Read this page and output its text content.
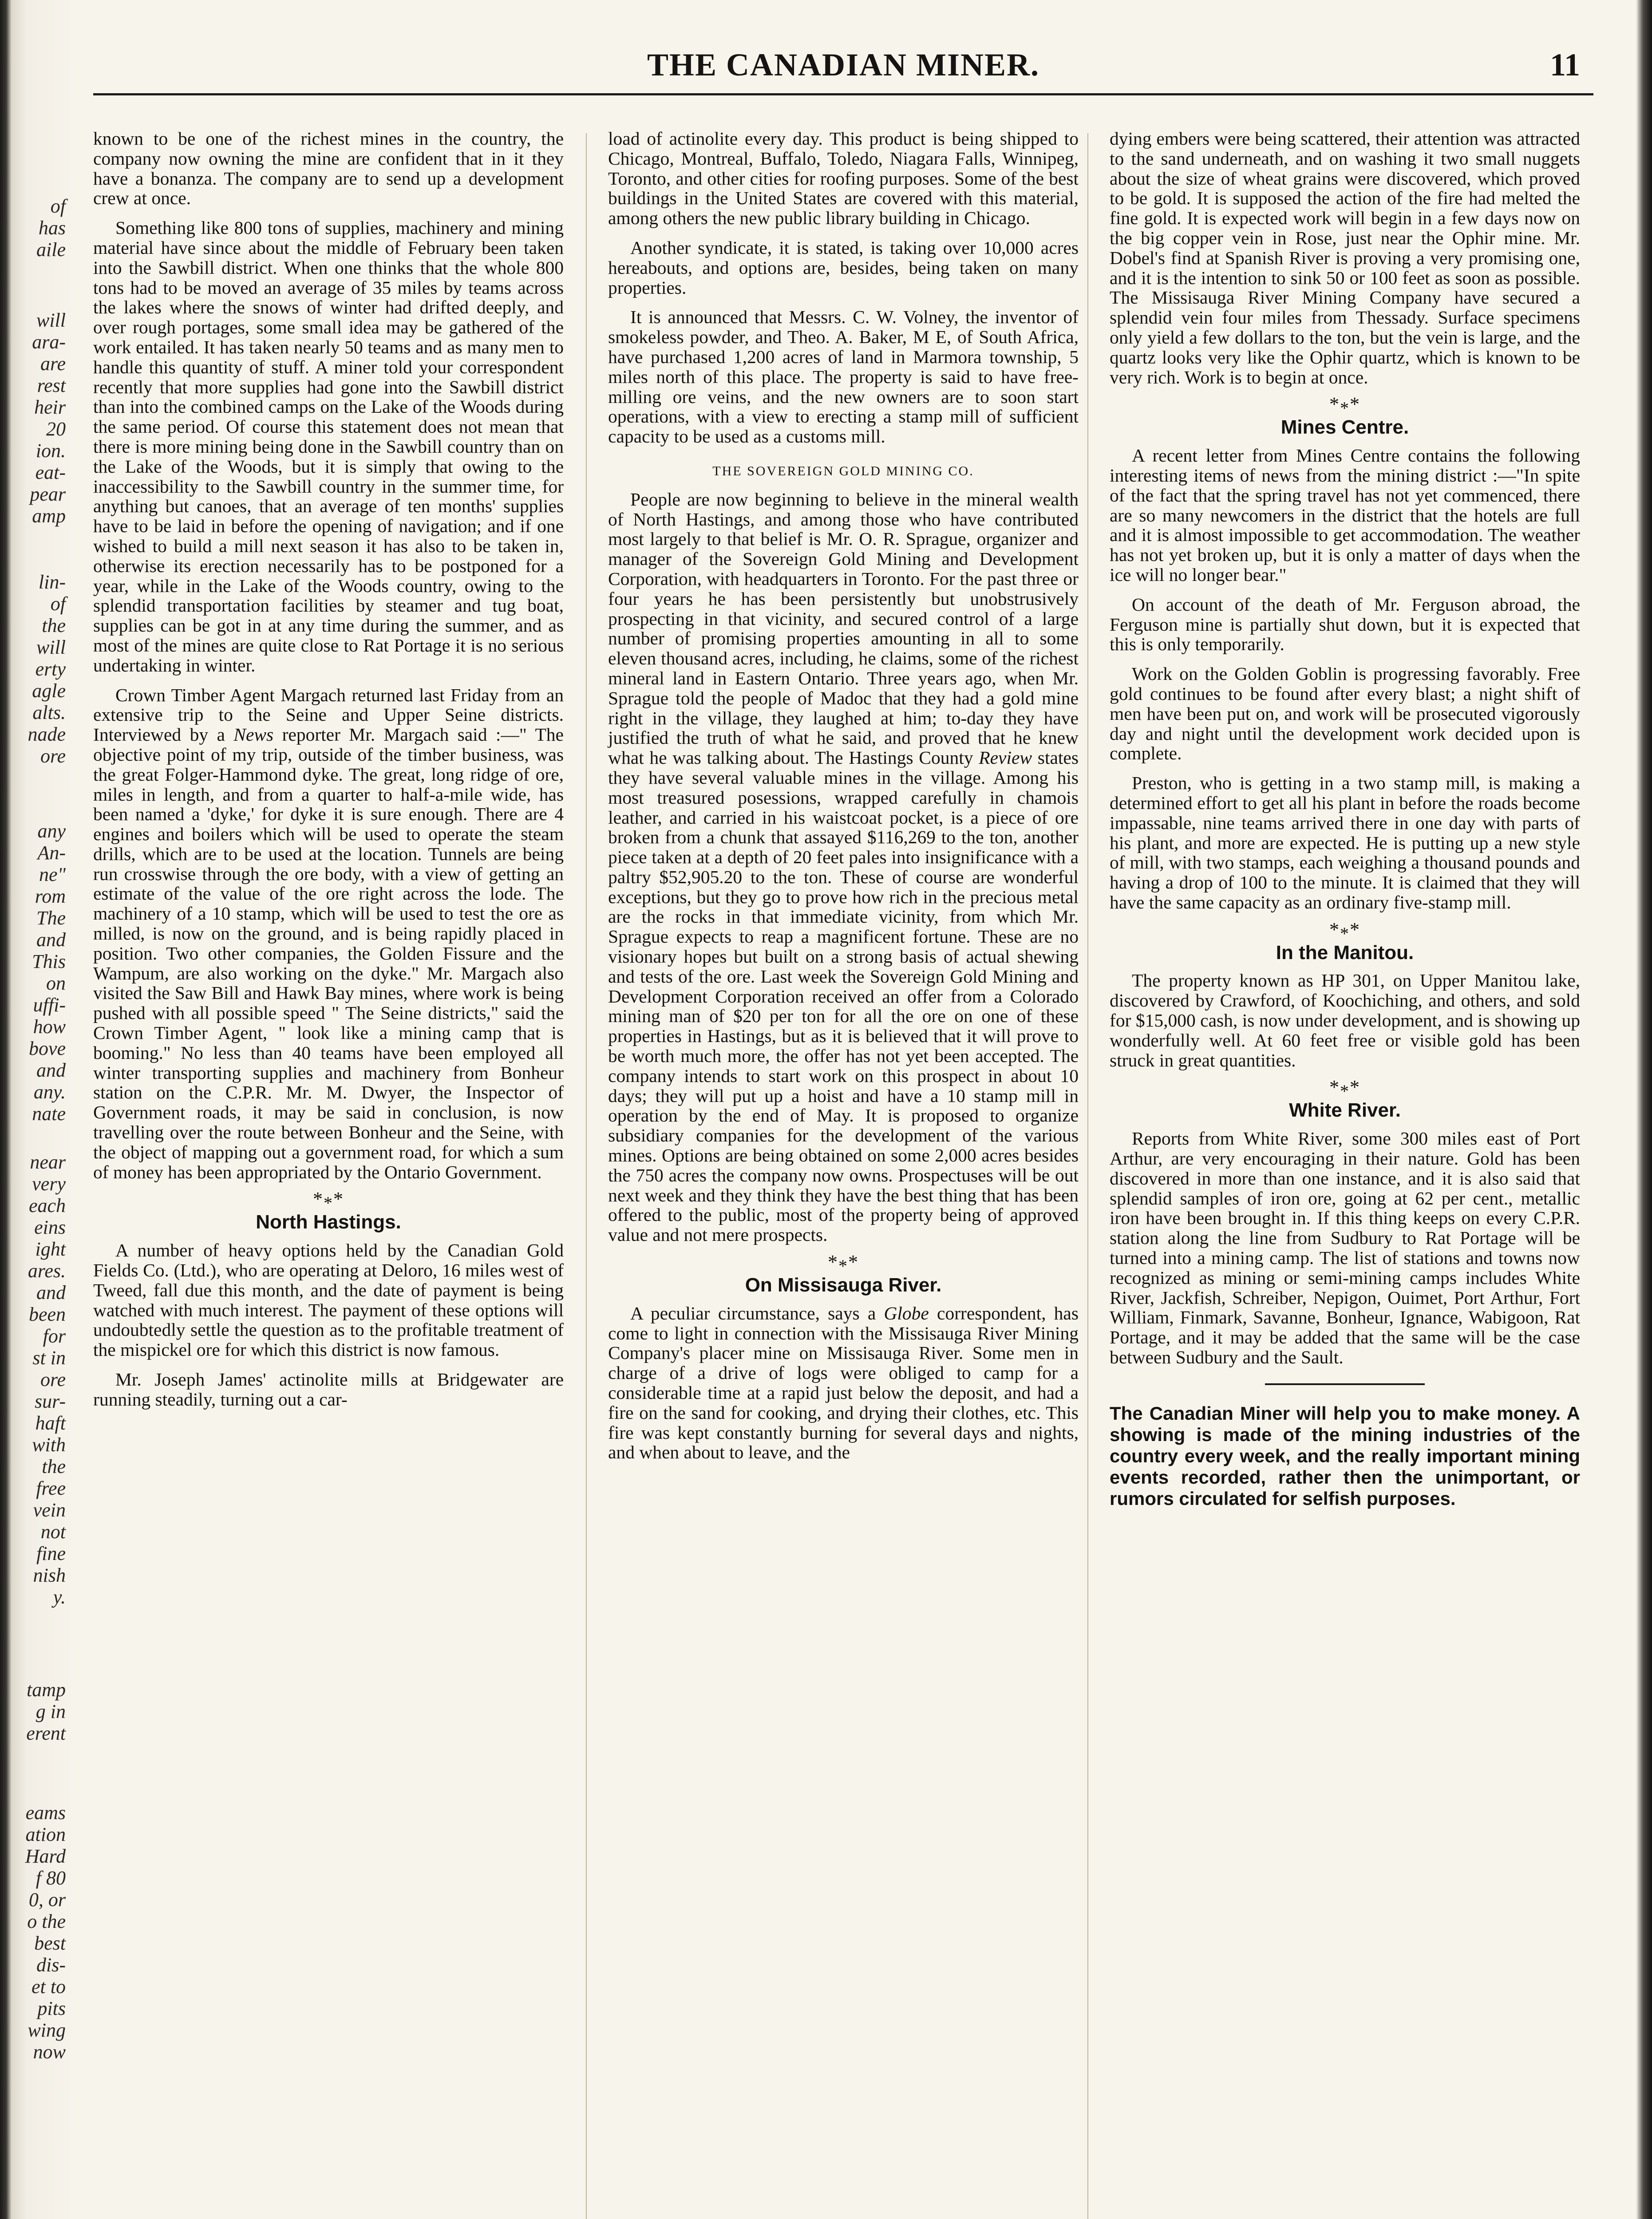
of
has
aile
will
ara-
are
rest
heir
20
ion.
eat-
pear
amp
lin-
of
the
will
erty
agle
alts.
nade
ore
any
An-
ne"
rom
The
and
This
on
uffi-
how
bove
and
any.
nate
near
very
each
eins
ight
ares.
and
been
for
st in
ore
sur-
haft
with
the
free
vein
not
fine
nish
y.
tamp
g in
erent
eams
ation
Hard
f 80
0, or
o the
best
dis-
et to
pits
wing
now
THE CANADIAN MINER.	11

known to be one of the richest mines in the country, the company now owning the mine are confident that in it they have a bonanza. The company are to send up a development crew at once.

Something like 800 tons of supplies, machinery and mining material have since about the middle of February been taken into the Sawbill district. When one thinks that the whole 800 tons had to be moved an average of 35 miles by teams across the lakes where the snows of winter had drifted deeply, and over rough portages, some small idea may be gathered of the work entailed. It has taken nearly 50 teams and as many men to handle this quantity of stuff. A miner told your correspondent recently that more supplies had gone into the Sawbill district than into the combined camps on the Lake of the Woods during the same period. Of course this statement does not mean that there is more mining being done in the Sawbill country than on the Lake of the Woods, but it is simply that owing to the inaccessibility to the Sawbill country in the summer time, for anything but canoes, that an average of ten months' supplies have to be laid in before the opening of navigation; and if one wished to build a mill next season it has also to be taken in, otherwise its erection necessarily has to be postponed for a year, while in the Lake of the Woods country, owing to the splendid transportation facilities by steamer and tug boat, supplies can be got in at any time during the summer, and as most of the mines are quite close to Rat Portage it is no serious undertaking in winter.

Crown Timber Agent Margach returned last Friday from an extensive trip to the Seine and Upper Seine districts. Interviewed by a News reporter Mr. Margach said :—" The objective point of my trip, outside of the timber business, was the great Folger-Hammond dyke. The great, long ridge of ore, miles in length, and from a quarter to half-a-mile wide, has been named a 'dyke,' for dyke it is sure enough. There are 4 engines and boilers which will be used to operate the steam drills, which are to be used at the location. Tunnels are being run crosswise through the ore body, with a view of getting an estimate of the value of the ore right across the lode. The machinery of a 10 stamp, which will be used to test the ore as milled, is now on the ground, and is being rapidly placed in position. Two other companies, the Golden Fissure and the Wampum, are also working on the dyke." Mr. Margach also visited the Saw Bill and Hawk Bay mines, where work is being pushed with all possible speed " The Seine districts," said the Crown Timber Agent, " look like a mining camp that is booming." No less than 40 teams have been employed all winter transporting supplies and machinery from Bonheur station on the C.P.R. Mr. M. Dwyer, the Inspector of Government roads, it may be said in conclusion, is now travelling over the route between Bonheur and the Seine, with the object of mapping out a government road, for which a sum of money has been appropriated by the Ontario Government.

$*_**$
North Hastings.

A number of heavy options held by the Canadian Gold Fields Co. (Ltd.), who are operating at Deloro, 16 miles west of Tweed, fall due this month, and the date of payment is being watched with much interest. The payment of these options will undoubtedly settle the question as to the profitable treatment of the mispickel ore for which this district is now famous.

Mr. Joseph James' actinolite mills at Bridgewater are running steadily, turning out a car-

load of actinolite every day. This product is being shipped to Chicago, Montreal, Buffalo, Toledo, Niagara Falls, Winnipeg, Toronto, and other cities for roofing purposes. Some of the best buildings in the United States are covered with this material, among others the new public library building in Chicago.

Another syndicate, it is stated, is taking over 10,000 acres hereabouts, and options are, besides, being taken on many properties.

It is announced that Messrs. C. W. Volney, the inventor of smokeless powder, and Theo. A. Baker, M E, of South Africa, have purchased 1,200 acres of land in Marmora township, 5 miles north of this place. The property is said to have free-milling ore veins, and the new owners are to soon start operations, with a view to erecting a stamp mill of sufficient capacity to be used as a customs mill.

THE SOVEREIGN GOLD MINING CO.

People are now beginning to believe in the mineral wealth of North Hastings, and among those who have contributed most largely to that belief is Mr. O. R. Sprague, organizer and manager of the Sovereign Gold Mining and Development Corporation, with headquarters in Toronto. For the past three or four years he has been persistently but unobstrusively prospecting in that vicinity, and secured control of a large number of promising properties amounting in all to some eleven thousand acres, including, he claims, some of the richest mineral land in Eastern Ontario. Three years ago, when Mr. Sprague told the people of Madoc that they had a gold mine right in the village, they laughed at him; to-day they have justified the truth of what he said, and proved that he knew what he was talking about. The Hastings County Review states they have several valuable mines in the village. Among his most treasured posessions, wrapped carefully in chamois leather, and carried in his waistcoat pocket, is a piece of ore broken from a chunk that assayed $116,269 to the ton, another piece taken at a depth of 20 feet pales into insignificance with a paltry $52,905.20 to the ton. These of course are wonderful exceptions, but they go to prove how rich in the precious metal are the rocks in that immediate vicinity, from which Mr. Sprague expects to reap a magnificent fortune. These are no visionary hopes but built on a strong basis of actual shewing and tests of the ore. Last week the Sovereign Gold Mining and Development Corporation received an offer from a Colorado mining man of $20 per ton for all the ore on one of these properties in Hastings, but as it is believed that it will prove to be worth much more, the offer has not yet been accepted. The company intends to start work on this prospect in about 10 days; they will put up a hoist and have a 10 stamp mill in operation by the end of May. It is proposed to organize subsidiary companies for the development of the various mines. Options are being obtained on some 2,000 acres besides the 750 acres the company now owns. Prospectuses will be out next week and they think they have the best thing that has been offered to the public, most of the property being of approved value and not mere prospects.

$*_**$
On Missisauga River.

A peculiar circumstance, says a Globe correspondent, has come to light in connection with the Missisauga River Mining Company's placer mine on Missisauga River. Some men in charge of a drive of logs were obliged to camp for a considerable time at a rapid just below the deposit, and had a fire on the sand for cooking, and drying their clothes, etc. This fire was kept constantly burning for several days and nights, and when about to leave, and the

dying embers were being scattered, their attention was attracted to the sand underneath, and on washing it two small nuggets about the size of wheat grains were discovered, which proved to be gold. It is supposed the action of the fire had melted the fine gold. It is expected work will begin in a few days now on the big copper vein in Rose, just near the Ophir mine. Mr. Dobel's find at Spanish River is proving a very promising one, and it is the intention to sink 50 or 100 feet as soon as possible. The Missisauga River Mining Company have secured a splendid vein four miles from Thessady. Surface specimens only yield a few dollars to the ton, but the vein is large, and the quartz looks very like the Ophir quartz, which is known to be very rich. Work is to begin at once.

$*_**$
Mines Centre.

A recent letter from Mines Centre contains the following interesting items of news from the mining district :—"In spite of the fact that the spring travel has not yet commenced, there are so many newcomers in the district that the hotels are full and it is almost impossible to get accommodation. The weather has not yet broken up, but it is only a matter of days when the ice will no longer bear."

On account of the death of Mr. Ferguson abroad, the Ferguson mine is partially shut down, but it is expected that this is only temporarily.

Work on the Golden Goblin is progressing favorably. Free gold continues to be found after every blast; a night shift of men have been put on, and work will be prosecuted vigorously day and night until the development work decided upon is complete.

Preston, who is getting in a two stamp mill, is making a determined effort to get all his plant in before the roads become impassable, nine teams arrived there in one day with parts of his plant, and more are expected. He is putting up a new style of mill, with two stamps, each weighing a thousand pounds and having a drop of 100 to the minute. It is claimed that they will have the same capacity as an ordinary five-stamp mill.

$*_**$
In the Manitou.

The property known as HP 301, on Upper Manitou lake, discovered by Crawford, of Koochiching, and others, and sold for $15,000 cash, is now under development, and is showing up wonderfully well. At 60 feet free or visible gold has been struck in great quantities.

$*_**$
White River.

Reports from White River, some 300 miles east of Port Arthur, are very encouraging in their nature. Gold has been discovered in more than one instance, and it is also said that splendid samples of iron ore, going at 62 per cent., metallic iron have been brought in. If this thing keeps on every C.P.R. station along the line from Sudbury to Rat Portage will be turned into a mining camp. The list of stations and towns now recognized as mining or semi-mining camps includes White River, Jackfish, Schreiber, Nepigon, Ouimet, Port Arthur, Fort William, Finmark, Savanne, Bonheur, Ignance, Wabigoon, Rat Portage, and it may be added that the same will be the case between Sudbury and the Sault.

The Canadian Miner will help you to make money. A showing is made of the mining industries of the country every week, and the really important mining events recorded, rather then the unimportant, or rumors circulated for selfish purposes.
